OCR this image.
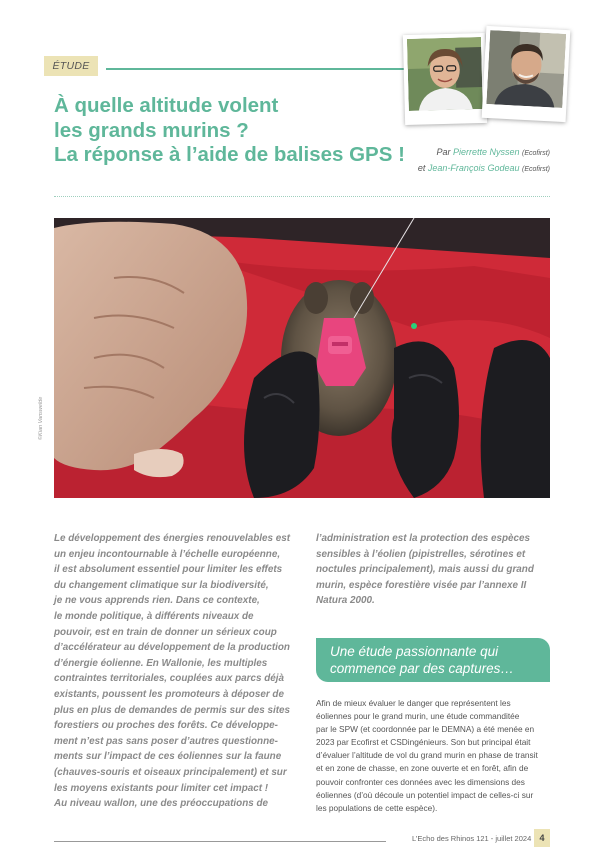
ÉTUDE
À quelle altitude volent
les grands murins ?
La réponse à l’aide de balises GPS !	Par Pierrette Nyssen (Ecofirst)
et Jean-François Godeau (Ecofirst)
©Kian Vanswelde
Le développement des énergies renouvelables est
un enjeu incontournable à l’échelle européenne,
il est absolument essentiel pour limiter les effets
du changement climatique sur la biodiversité,
je ne vous apprends rien. Dans ce contexte,
le monde politique, à différents niveaux de
pouvoir, est en train de donner un sérieux coup
d’accélérateur au développement de la production
d’énergie éolienne. En Wallonie, les multiples
contraintes territoriales, couplées aux parcs déjà
existants, poussent les promoteurs à déposer de
plus en plus de demandes de permis sur des sites
forestiers ou proches des forêts. Ce développe-
ment n’est pas sans poser d’autres questionne-
ments sur l’impact de ces éoliennes sur la faune
(chauves-souris et oiseaux principalement) et sur
les moyens existants pour limiter cet impact !
Au niveau wallon, une des préoccupations de
l’administration est la protection des espèces
sensibles à l’éolien (pipistrelles, sérotines et
noctules principalement), mais aussi du grand
murin, espèce forestière visée par l’annexe II
Natura 2000.
Une étude passionnante qui
commence par des captures…
Afin de mieux évaluer le danger que représentent les
éoliennes pour le grand murin, une étude commanditée
par le SPW (et coordonnée par le DEMNA) a été menée en
2023 par Ecofirst et CSDingénieurs. Son but principal était
d’évaluer l’altitude de vol du grand murin en phase de transit
et en zone de chasse, en zone ouverte et en forêt, afin de
pouvoir confronter ces données avec les dimensions des
éoliennes (d’où découle un potentiel impact de celles-ci sur
les populations de cette espèce).
L’Echo des Rhinos 121 - juillet 2024 4
